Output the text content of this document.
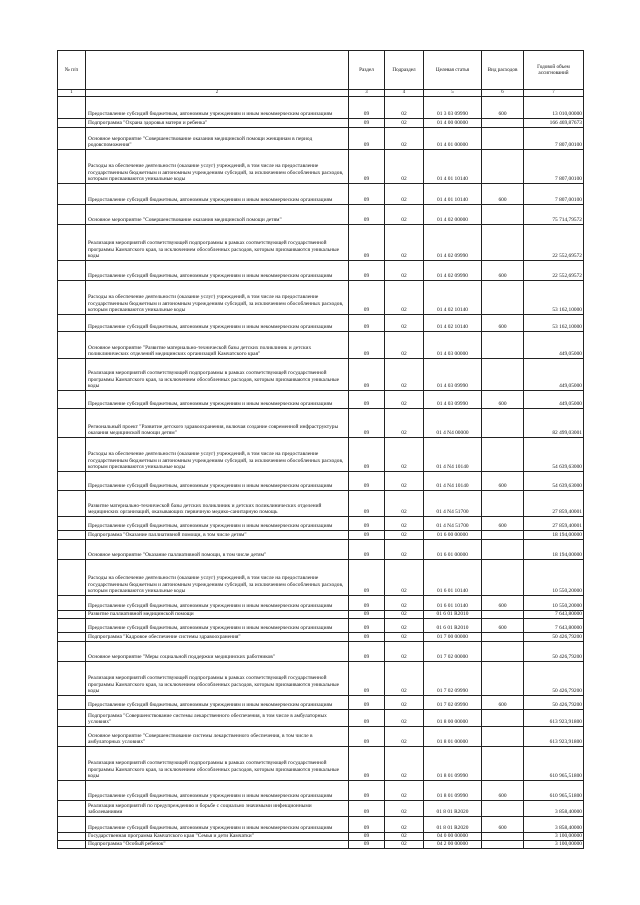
№ п/п		Раздел	Подраздел	Целевая статья	Вид расходов	Годовой объем ассигнований
1	2	3	4	5	6	7
	Предоставление субсидий бюджетным, автономным учреждениям и иным некоммерческим организациям	09	02	01 3 03 09990	600	13 010,00000
	Подпрограмма "Охрана здоровья матери и ребенка"	09	02	01 4 00 00000		166 469,87673
	Основное мероприятие "Совершенствование оказания медицинской помощи женщинам в период родовспоможения"	09	02	01 4 01 00000		7 807,00100
	Расходы на обеспечение деятельности (оказание услуг) учреждений, в том числе на предоставление государственным бюджетным и автономным учреждениям субсидий, за исключением обособленных расходов, которым присваиваются уникальные коды	09	02	01 4 01 10140		7 807,00100
	Предоставление субсидий бюджетным, автономным учреждениям и иным некоммерческим организациям	09	02	01 4 01 10140	600	7 807,00100
	Основное мероприятие "Совершенствование оказания медицинской помощи детям"	09	02	01 4 02 00000		75 714,79572
	Реализация мероприятий соответствующей подпрограммы в рамках соответствующей государственной программы Камчатского края, за исключением обособленных расходов, которым присваиваются уникальные коды	09	02	01 4 02 09990		22 552,69572
	Предоставление субсидий бюджетным, автономным учреждениям и иным некоммерческим организациям	09	02	01 4 02 09990	600	22 552,69572
	Расходы на обеспечение деятельности (оказание услуг) учреждений, в том числе на предоставление государственным бюджетным и автономным учреждениям субсидий, за исключением обособленных расходов, которым присваиваются уникальные коды	09	02	01 4 02 10140		53 162,10000
	Предоставление субсидий бюджетным, автономным учреждениям и иным некоммерческим организациям	09	02	01 4 02 10140	600	53 162,10000
	Основное мероприятие "Развитие материально-технической базы детских поликлиник и детских поликлинических отделений медицинских организаций Камчатского края"	09	02	01 4 03 00000		449,05000
	Реализация мероприятий соответствующей подпрограммы в рамках соответствующей государственной программы Камчатского края, за исключением обособленных расходов, которым присваиваются уникальные коды	09	02	01 4 03 09990		449,05000
	Предоставление субсидий бюджетным, автономным учреждениям и иным некоммерческим организациям	09	02	01 4 03 09990	600	449,05000
	Региональный проект "Развитие детского здравоохранения, включая создание современной инфраструктуры оказания медицинской помощи детям"	09	02	01 4 N4 00000		82 499,03001
	Расходы на обеспечение деятельности (оказание услуг) учреждений, в том числе на предоставление государственным бюджетным и автономным учреждениям субсидий, за исключением обособленных расходов, которым присваиваются уникальные коды	09	02	01 4 N4 10140		54 639,63000
	Предоставление субсидий бюджетным, автономным учреждениям и иным некоммерческим организациям	09	02	01 4 N4 10140	600	54 639,63000
	Развитие материально-технической базы детских поликлиник и детских поликлинических отделений медицинских организаций, оказывающих первичную медико-санитарную помощь	09	02	01 4 N4 51700		27 859,40001
	Предоставление субсидий бюджетным, автономным учреждениям и иным некоммерческим организациям	09	02	01 4 N4 51700	600	27 859,40001
	Подпрограмма "Оказание паллиативной помощи, в том числе детям"	09	02	01 6 00 00000		18 194,00000
	Основное мероприятие "Оказание паллиативной помощи, в том числе детям"	09	02	01 6 01 00000		18 194,00000
	Расходы на обеспечение деятельности (оказание услуг) учреждений, в том числе на предоставление государственным бюджетным и автономным учреждениям субсидий, за исключением обособленных расходов, которым присваиваются уникальные коды	09	02	01 6 01 10140		10 550,20000
	Предоставление субсидий бюджетным, автономным учреждениям и иным некоммерческим организациям	09	02	01 6 01 10140	600	10 550,20000
	Развитие паллиативной медицинской помощи	09	02	01 6 01 R2010		7 643,80000
	Предоставление субсидий бюджетным, автономным учреждениям и иным некоммерческим организациям	09	02	01 6 01 R2010	600	7 643,80000
	Подпрограмма "Кадровое обеспечение системы здравоохранения"	09	02	01 7 00 00000		50 426,79200
	Основное мероприятие "Меры социальной поддержки медицинских работников"	09	02	01 7 02 00000		50 426,79200
	Реализация мероприятий соответствующей подпрограммы в рамках соответствующей государственной программы Камчатского края, за исключением обособленных расходов, которым присваиваются уникальные коды	09	02	01 7 02 09990		50 426,79200
	Предоставление субсидий бюджетным, автономным учреждениям и иным некоммерческим организациям	09	02	01 7 02 09990	600	50 426,79200
	Подпрограмма "Совершенствование системы лекарственного обеспечения, в том числе в амбулаторных условиях"	09	02	01 8 00 00000		613 923,91800
	Основное мероприятие "Совершенствование системы лекарственного обеспечения, в том числе в амбулаторных условиях"	09	02	01 8 01 00000		613 923,91800
	Реализация мероприятий соответствующей подпрограммы в рамках соответствующей государственной программы Камчатского края, за исключением обособленных расходов, которым присваиваются уникальные коды	09	02	01 8 01 09990		610 965,51800
	Предоставление субсидий бюджетным, автономным учреждениям и иным некоммерческим организациям	09	02	01 8 01 09990	600	610 965,51800
	Реализация мероприятий по предупреждению и борьбе с социально значимыми инфекционными заболеваниями	09	02	01 8 01 R2020		3 858,40000
	Предоставление субсидий бюджетным, автономным учреждениям и иным некоммерческим организациям	09	02	01 8 01 R2020	600	3 858,40000
	Государственная программа Камчатского края "Семья и дети Камчатки"	09	02	04 0 00 00000		3 100,00000
	Подпрограмма "Особый ребенок"	09	02	04 2 00 00000		3 100,00000
